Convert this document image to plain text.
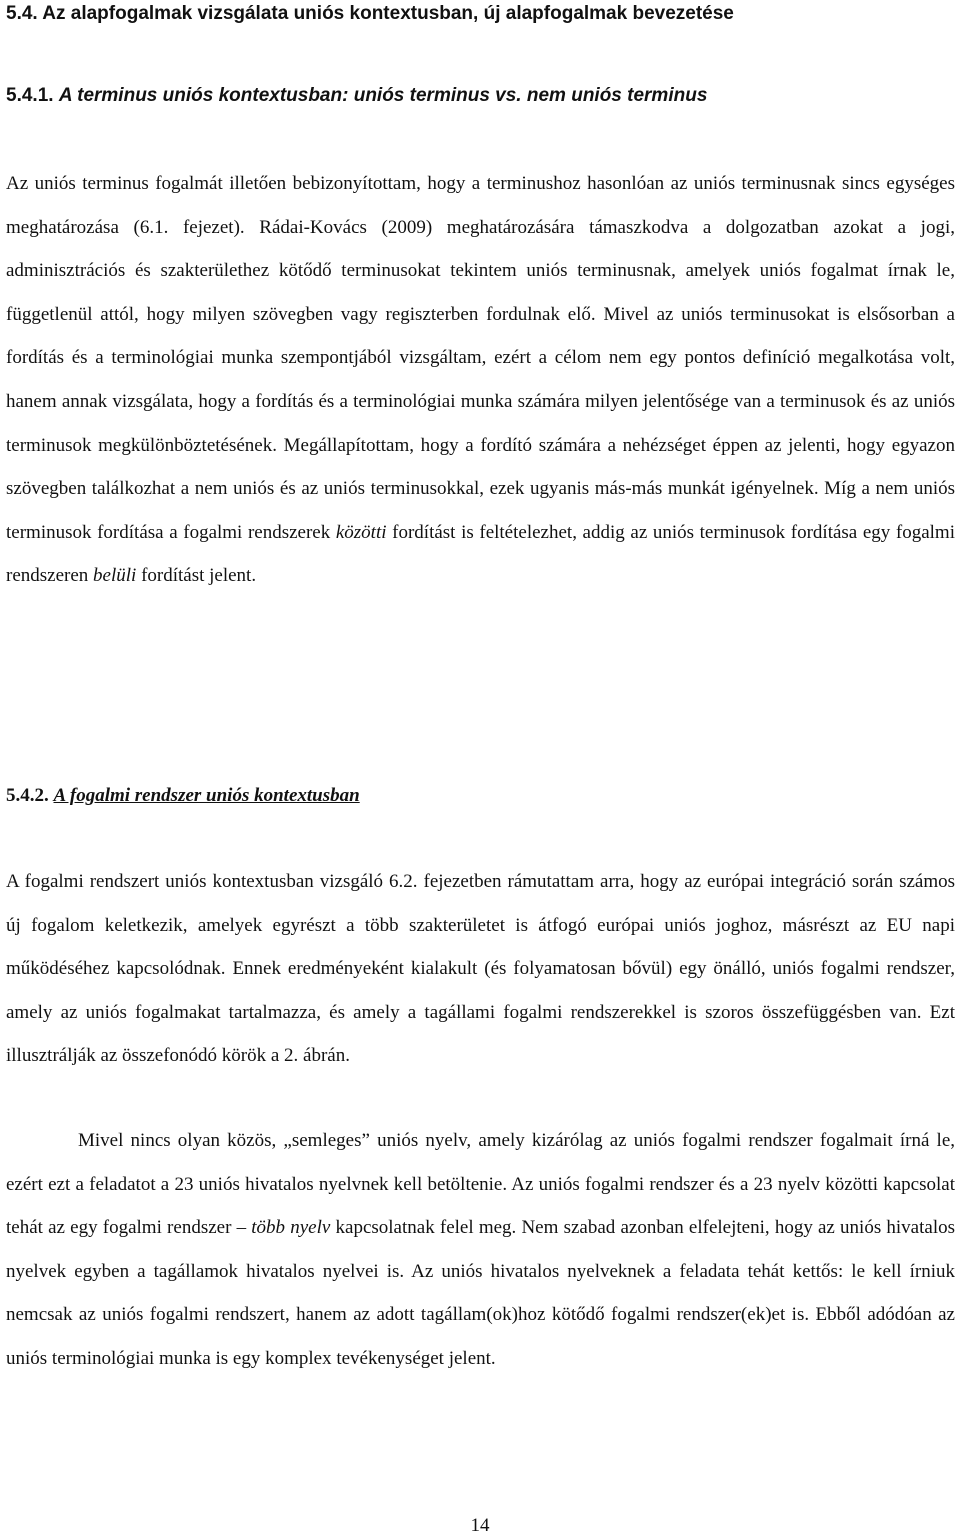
5.4. Az alapfogalmak vizsgálata uniós kontextusban, új alapfogalmak bevezetése
5.4.1. A terminus uniós kontextusban: uniós terminus vs. nem uniós terminus

Az uniós terminus fogalmát illetően bebizonyítottam, hogy a terminushoz hasonlóan az uniós terminusnak sincs egységes meghatározása (6.1. fejezet). Rádai-Kovács (2009) meghatározására támaszkodva a dolgozatban azokat a jogi, adminisztrációs és szakterülethez kötődő terminusokat tekintem uniós terminusnak, amelyek uniós fogalmat írnak le, függetlenül attól, hogy milyen szövegben vagy regiszterben fordulnak elő. Mivel az uniós terminusokat is elsősorban a fordítás és a terminológiai munka szempontjából vizsgáltam, ezért a célom nem egy pontos definíció megalkotása volt, hanem annak vizsgálata, hogy a fordítás és a terminológiai munka számára milyen jelentősége van a terminusok és az uniós terminusok megkülönböztetésének. Megállapítottam, hogy a fordító számára a nehézséget éppen az jelenti, hogy egyazon szövegben találkozhat a nem uniós és az uniós terminusokkal, ezek ugyanis más-más munkát igényelnek. Míg a nem uniós terminusok fordítása a fogalmi rendszerek közötti fordítást is feltételezhet, addig az uniós terminusok fordítása egy fogalmi rendszeren belüli fordítást jelent.

5.4.2. A fogalmi rendszer uniós kontextusban

A fogalmi rendszert uniós kontextusban vizsgáló 6.2. fejezetben rámutattam arra, hogy az európai integráció során számos új fogalom keletkezik, amelyek egyrészt a több szakterületet is átfogó európai uniós joghoz, másrészt az EU napi működéséhez kapcsolódnak. Ennek eredményeként kialakult (és folyamatosan bővül) egy önálló, uniós fogalmi rendszer, amely az uniós fogalmakat tartalmazza, és amely a tagállami fogalmi rendszerekkel is szoros összefüggésben van. Ezt illusztrálják az összefonódó körök a 2. ábrán.

Mivel nincs olyan közös, „semleges” uniós nyelv, amely kizárólag az uniós fogalmi rendszer fogalmait írná le, ezért ezt a feladatot a 23 uniós hivatalos nyelvnek kell betöltenie. Az uniós fogalmi rendszer és a 23 nyelv közötti kapcsolat tehát az egy fogalmi rendszer – több nyelv kapcsolatnak felel meg. Nem szabad azonban elfelejteni, hogy az uniós hivatalos nyelvek egyben a tagállamok hivatalos nyelvei is. Az uniós hivatalos nyelveknek a feladata tehát kettős: le kell írniuk nemcsak az uniós fogalmi rendszert, hanem az adott tagállam(ok)hoz kötődő fogalmi rendszer(ek)et is. Ebből adódóan az uniós terminológiai munka is egy komplex tevékenységet jelent.

14
